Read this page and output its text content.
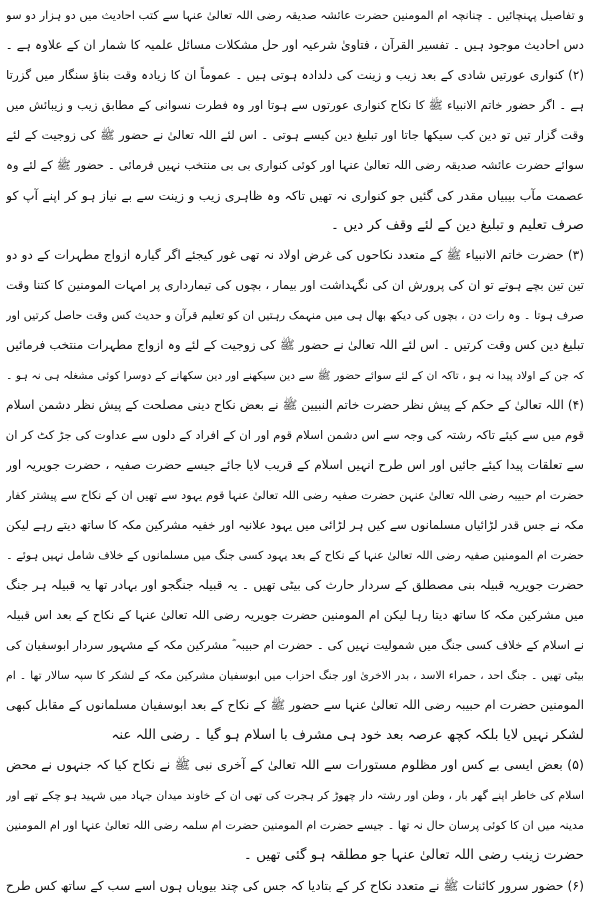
و تفاصیل پہنچائیں ۔ چنانچہ ام المومنین حضرت عائشہ صدیقہ رضی اللہ تعالیٰ عنہا سے کتب احادیث میں دو ہزار دو سو
دس احادیث موجود ہیں ۔ تفسیر القرآن ، فتاویٰ شرعیہ اور حل مشکلات مسائل علمیہ کا شمار ان کے علاوہ ہے ۔
(۲) کنواری عورتیں شادی کے بعد زیب و زینت کی دلدادہ ہوتی ہیں ۔ عموماً ان کا زیادہ وقت بناؤ سنگار میں گزرتا
ہے ۔ اگر حضور خاتم الانبیاء ﷺ کا نکاح کنواری عورتوں سے ہوتا اور وہ فطرت نسوانی کے مطابق زیب و زیبائش میں
وقت گزار تیں تو دین کب سیکھا جاتا اور تبلیغ دین کیسے ہوتی ۔ اس لئے اللہ تعالیٰ نے حضور ﷺ کی زوجیت کے لئے
سوائے حضرت عائشہ صدیقہ رضی اللہ تعالیٰ عنہا اور کوئی کنواری بی بی منتخب نہیں فرمائی ۔ حضور ﷺ کے لئے وہ
عصمت مآب بیبیاں مقدر کی گئیں جو کنواری نہ تھیں تاکہ وہ ظاہری زیب و زینت سے بے نیاز ہو کر اپنے آپ کو
صرف تعلیم و تبلیغ دین کے لئے وقف کر دیں ۔
(۳) حضرت خاتم الانبیاء ﷺ کے متعدد نکاحوں کی غرض اولاد نہ تھی غور کیجئے اگر گیارہ ازواج مطہرات کے دو دو
تین تین بچے ہوتے تو ان کی پرورش ان کی نگہداشت اور بیمار ، بچوں کی تیمارداری پر امہات المومنین کا کتنا وقت
صرف ہوتا ۔ وہ رات دن ، بچوں کی دیکھ بھال ہی میں منہمک رہتیں ان کو تعلیم قرآن و حدیث کس وقت حاصل کرتیں اور
تبلیغ دین کس وقت کرتیں ۔ اس لئے اللہ تعالیٰ نے حضور ﷺ کی زوجیت کے لئے وہ ازواج مطہرات منتخب فرمائیں
کہ جن کے اولاد پیدا نہ ہو ، تاکہ ان کے لئے سوائے حضور ﷺ سے دین سیکھنے اور دین سکھانے کے دوسرا کوئی مشغلہ ہی نہ ہو ۔
(۴) اللہ تعالیٰ کے حکم کے پیش نظر حضرت خاتم النبیین ﷺ نے بعض نکاح دینی مصلحت کے پیش نظر دشمن اسلام
قوم میں سے کیئے تاکہ رشتہ کی وجہ سے اس دشمن اسلام قوم اور ان کے افراد کے دلوں سے عداوت کی جڑ کٹ کر ان
سے تعلقات پیدا کیئے جائیں اور اس طرح انہیں اسلام کے قریب لایا جائے جیسے حضرت صفیہ ، حضرت جویریہ اور
حضرت ام حبیبہ رضی اللہ تعالیٰ عنہن حضرت صفیہ رضی اللہ تعالیٰ عنہا قوم یہود سے تھیں ان کے نکاح سے پیشتر کفار
مکہ نے جس قدر لڑائیاں مسلمانوں سے کیں ہر لڑائی میں یہود علانیہ اور خفیہ مشرکین مکہ کا ساتھ دیتے رہے لیکن
حضرت ام المومنین صفیہ رضی اللہ تعالیٰ عنہا کے نکاح کے بعد یہود کسی جنگ میں مسلمانوں کے خلاف شامل نہیں ہوئے ۔
حضرت جویریہ قبیلہ بنی مصطلق کے سردار حارث کی بیٹی تھیں ۔ یہ قبیلہ جنگجو اور بہادر تھا یہ قبیلہ ہر جنگ
میں مشرکین مکہ کا ساتھ دیتا رہا لیکن ام المومنین حضرت جویریہ رضی اللہ تعالیٰ عنہا کے نکاح کے بعد اس قبیلہ
نے اسلام کے خلاف کسی جنگ میں شمولیت نہیں کی ۔ حضرت ام حبیبہ ؓ مشرکین مکہ کے مشہور سردار ابوسفیان کی
بیٹی تھیں ۔ جنگ احد ، حمراء الاسد ، بدر الاخریٰ اور جنگ احزاب میں ابوسفیان مشرکین مکہ کے لشکر کا سپہ سالار تھا ۔ ام
المومنین حضرت ام حبیبہ رضی اللہ تعالیٰ عنہا سے حضور ﷺ کے نکاح کے بعد ابوسفیان مسلمانوں کے مقابل کبھی
لشکر نہیں لایا بلکہ کچھ عرصہ بعد خود ہی مشرف با اسلام ہو گیا ۔ رضی اللہ عنہ
(۵) بعض ایسی بے کس اور مظلوم مستورات سے اللہ تعالیٰ کے آخری نبی ﷺ نے نکاح کیا کہ جنہوں نے محض
اسلام کی خاطر اپنے گھر بار ، وطن اور رشتہ دار چھوڑ کر ہجرت کی تھی ان کے خاوند میدان جہاد میں شہید ہو چکے تھے اور
مدینہ میں ان کا کوئی پرسان حال نہ تھا ۔ جیسے حضرت ام المومنین حضرت ام سلمہ رضی اللہ تعالیٰ عنہا اور ام المومنین
حضرت زینب رضی اللہ تعالیٰ عنہا جو مطلقہ ہو گئی تھیں ۔
(۶) حضور سرور کائنات ﷺ نے متعدد نکاح کر کے بتادیا کہ جس کی چند بیویاں ہوں اسے سب کے ساتھ کس طرح
